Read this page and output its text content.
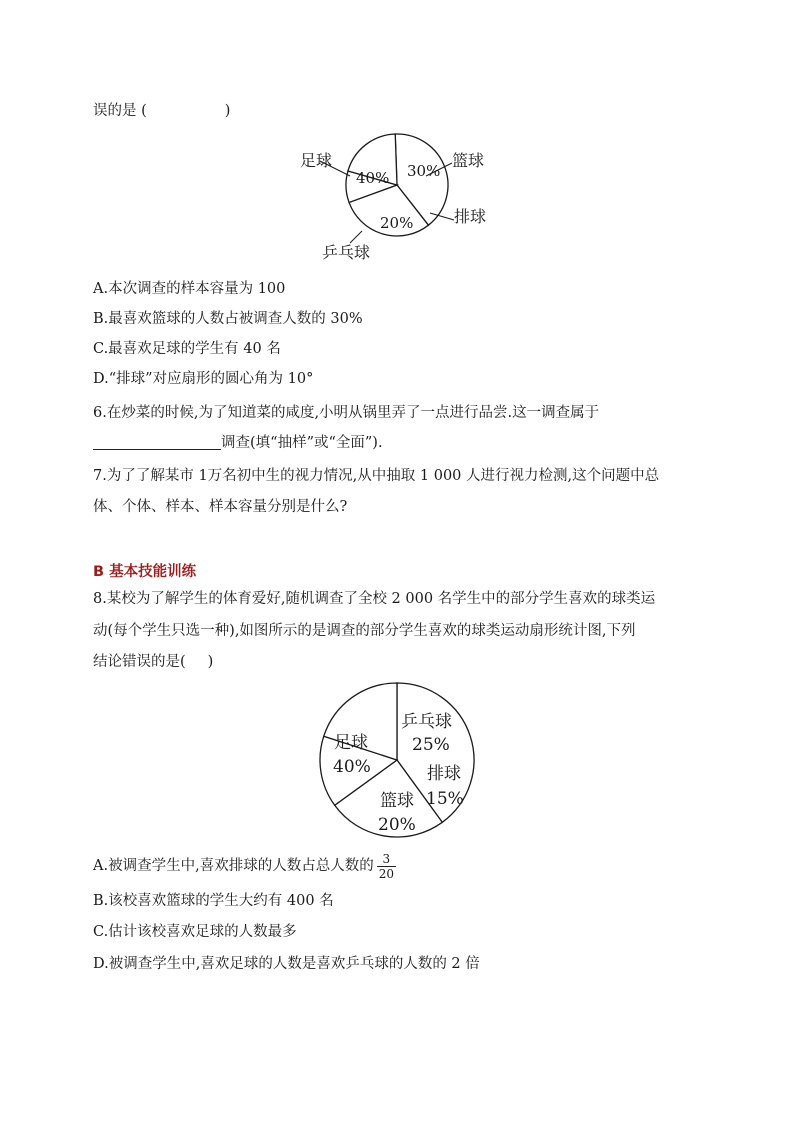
误的是 (	)
足球	篮球
排球
乒乓球
40% 30%
20%
A.本次调查的样本容量为 100
B.最喜欢篮球的人数占被调查人数的 30%
C.最喜欢足球的学生有 40 名
D.“排球”对应扇形的圆心角为 10°
6.在炒菜的时候,为了知道菜的咸度,小明从锅里弄了一点进行品尝.这一调查属于
调查(填“抽样”或“全面”).
7.为了了解某市 1万名初中生的视力情况,从中抽取 1 000 人进行视力检测,这个问题中总
体、个体、样本、样本容量分别是什么?
B 基本技能训练
8.某校为了解学生的体育爱好,随机调查了全校 2 000 名学生中的部分学生喜欢的球类运
动(每个学生只选一种),如图所示的是调查的部分学生喜欢的球类运动扇形统计图,下列
结论错误的是( )
足球
40%
乒乓球
25%
排球
15%
篮球
20%
A.被调查学生中,喜欢排球的人数占总人数的 $\frac{3}{20}$
B.该校喜欢篮球的学生大约有 400 名
C.估计该校喜欢足球的人数最多
D.被调查学生中,喜欢足球的人数是喜欢乒乓球的人数的 2 倍
